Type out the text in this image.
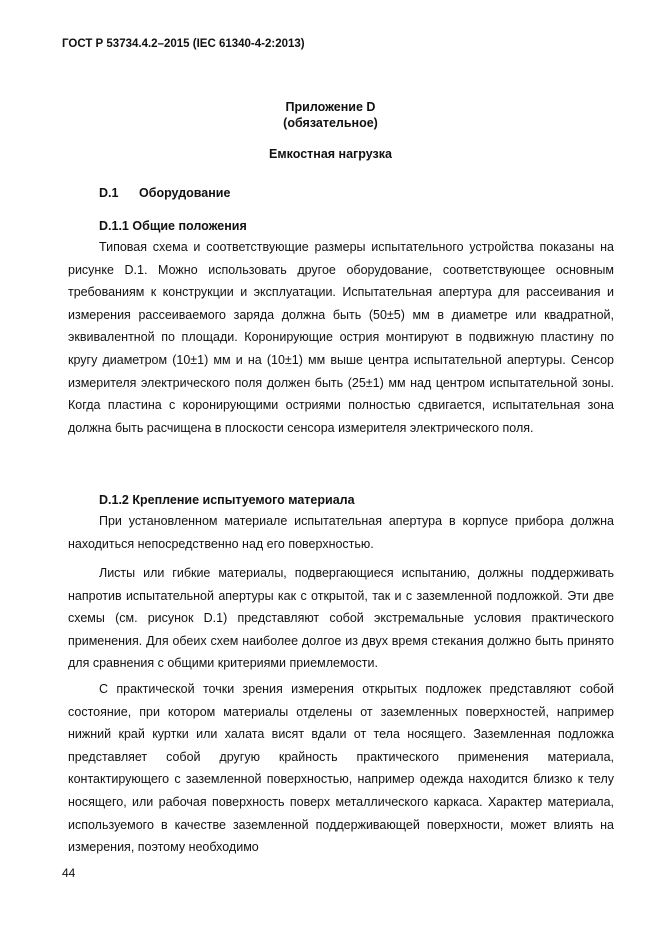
ГОСТ Р 53734.4.2–2015 (IEC 61340-4-2:2013)
Приложение D
(обязательное)
Емкостная нагрузка
D.1 Оборудование
D.1.1 Общие положения

Типовая схема и соответствующие размеры испытательного устройства показаны на рисунке D.1. Можно использовать другое оборудование, соответствующее основным требованиям к конструкции и эксплуатации. Испытательная апертура для рассеивания и измерения рассеиваемого заряда должна быть (50±5) мм в диаметре или квадратной, эквивалентной по площади. Коронирующие острия монтируют в подвижную пластину по кругу диаметром (10±1) мм и на (10±1) мм выше центра испытательной апертуры. Сенсор измерителя электрического поля должен быть (25±1) мм над центром испытательной зоны. Когда пластина с коронирующими остриями полностью сдвигается, испытательная зона должна быть расчищена в плоскости сенсора измерителя электрического поля.

D.1.2 Крепление испытуемого материала

При установленном материале испытательная апертура в корпусе прибора должна находиться непосредственно над его поверхностью.

Листы или гибкие материалы, подвергающиеся испытанию, должны поддерживать напротив испытательной апертуры как с открытой, так и с заземленной подложкой. Эти две схемы (см. рисунок D.1) представляют собой экстремальные условия практического применения. Для обеих схем наиболее долгое из двух время стекания должно быть принято для сравнения с общими критериями приемлемости.

С практической точки зрения измерения открытых подложек представляют собой состояние, при котором материалы отделены от заземленных поверхностей, например нижний край куртки или халата висят вдали от тела носящего. Заземленная подложка представляет собой другую крайность практического применения материала, контактирующего с заземленной поверхностью, например одежда находится близко к телу носящего, или рабочая поверхность поверх металлического каркаса. Характер материала, используемого в качестве заземленной поддерживающей поверхности, может влиять на измерения, поэтому необходимо

44
